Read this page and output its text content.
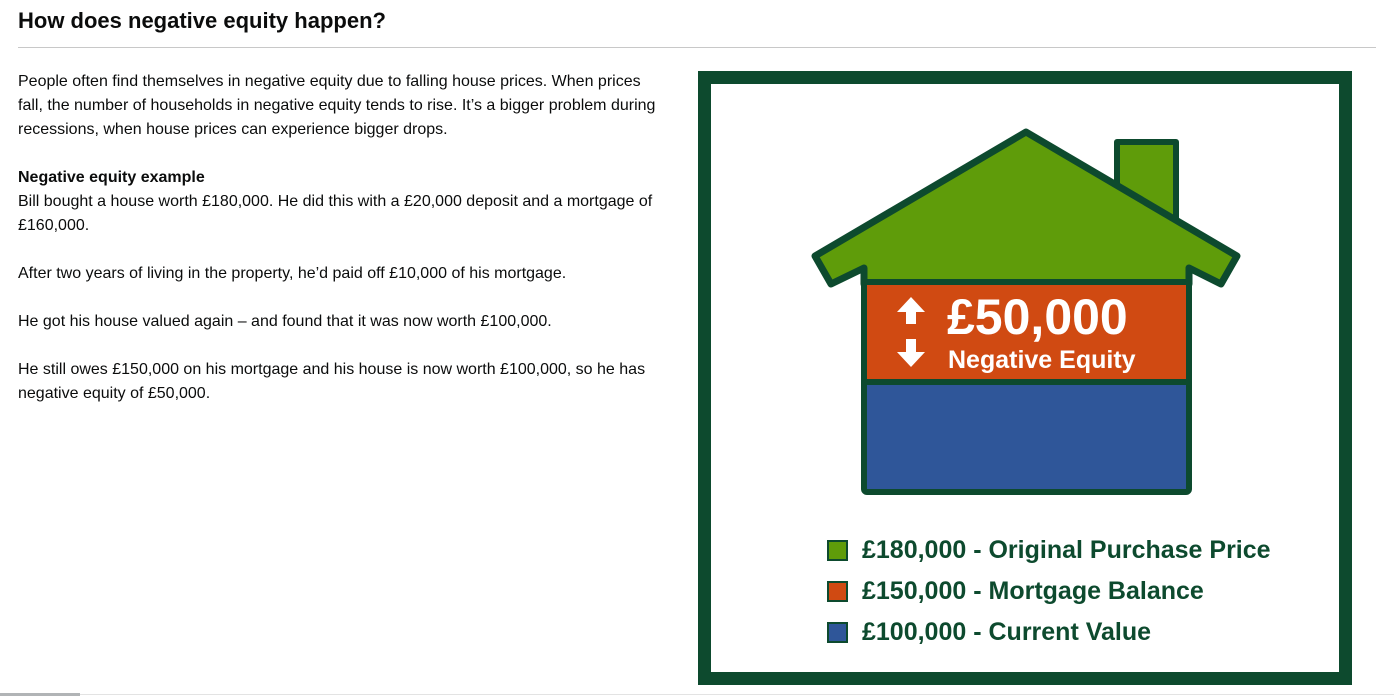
How does negative equity happen?

People often find themselves in negative equity due to falling house prices. When prices fall, the number of households in negative equity tends to rise. It’s a bigger problem during recessions, when house prices can experience bigger drops.

Negative equity example
Bill bought a house worth £180,000. He did this with a £20,000 deposit and a mortgage of £160,000.

After two years of living in the property, he’d paid off £10,000 of his mortgage.

He got his house valued again – and found that it was now worth £100,000.

He still owes £150,000 on his mortgage and his house is now worth £100,000, so he has negative equity of £50,000.

£50,000
Negative Equity
£180,000 - Original Purchase Price
£150,000 - Mortgage Balance
£100,000 - Current Value
